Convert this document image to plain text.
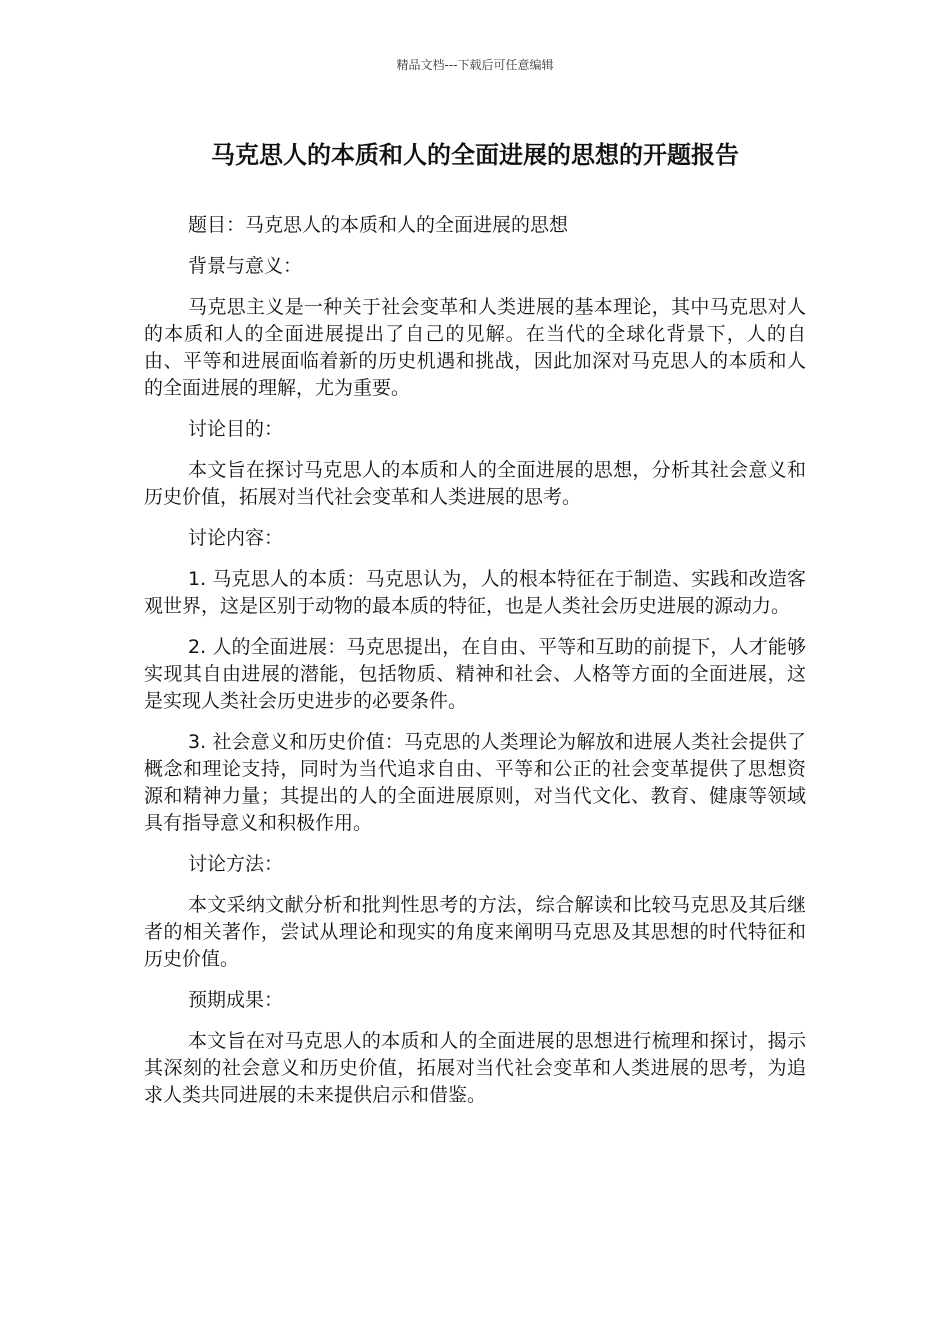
精品文档---下载后可任意编辑
马克思人的本质和人的全面进展的思想的开题报告

题目：马克思人的本质和人的全面进展的思想

背景与意义：

马克思主义是一种关于社会变革和人类进展的基本理论，其中马克思对人的本质和人的全面进展提出了自己的见解。在当代的全球化背景下，人的自由、平等和进展面临着新的历史机遇和挑战，因此加深对马克思人的本质和人的全面进展的理解，尤为重要。

讨论目的：

本文旨在探讨马克思人的本质和人的全面进展的思想，分析其社会意义和历史价值，拓展对当代社会变革和人类进展的思考。

讨论内容：

1. 马克思人的本质：马克思认为，人的根本特征在于制造、实践和改造客观世界，这是区别于动物的最本质的特征，也是人类社会历史进展的源动力。

2. 人的全面进展：马克思提出，在自由、平等和互助的前提下，人才能够实现其自由进展的潜能，包括物质、精神和社会、人格等方面的全面进展，这是实现人类社会历史进步的必要条件。

3. 社会意义和历史价值：马克思的人类理论为解放和进展人类社会提供了概念和理论支持，同时为当代追求自由、平等和公正的社会变革提供了思想资源和精神力量；其提出的人的全面进展原则，对当代文化、教育、健康等领域具有指导意义和积极作用。

讨论方法：

本文采纳文献分析和批判性思考的方法，综合解读和比较马克思及其后继者的相关著作，尝试从理论和现实的角度来阐明马克思及其思想的时代特征和历史价值。

预期成果：

本文旨在对马克思人的本质和人的全面进展的思想进行梳理和探讨，揭示其深刻的社会意义和历史价值，拓展对当代社会变革和人类进展的思考，为追求人类共同进展的未来提供启示和借鉴。
